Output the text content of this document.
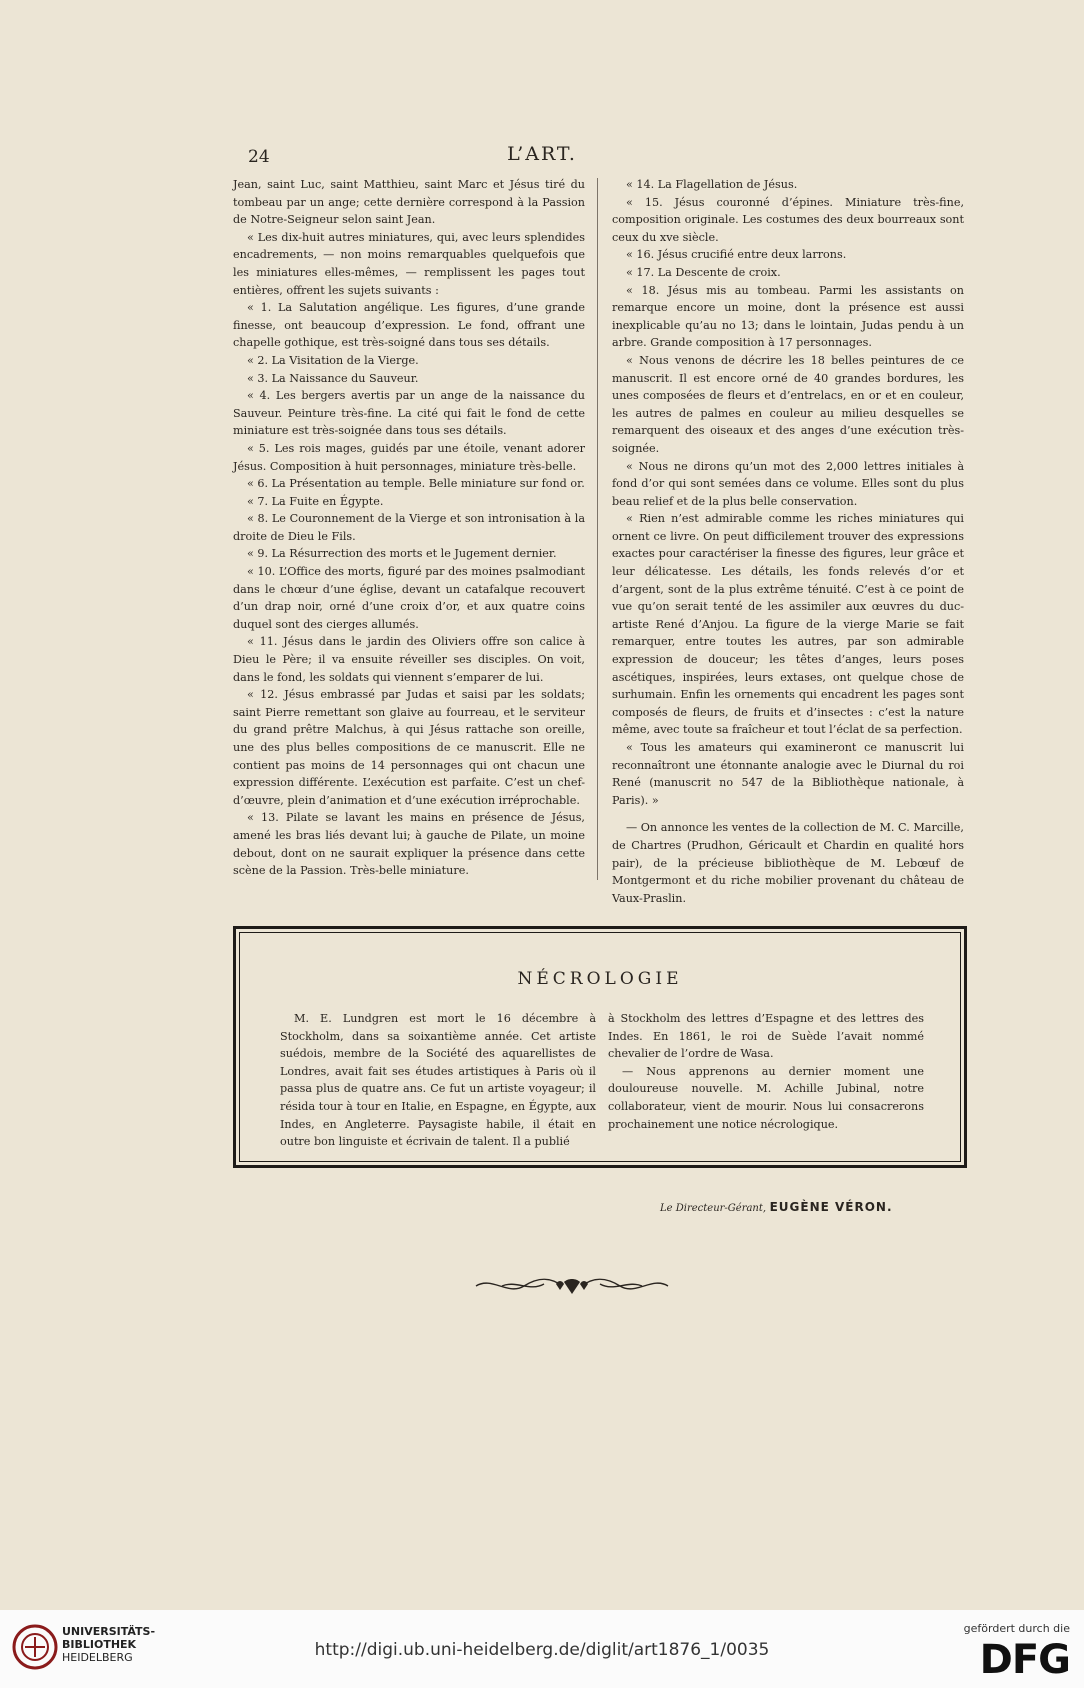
24	L’ART.

Jean, saint Luc, saint Matthieu, saint Marc et Jésus tiré du tombeau par un ange; cette dernière correspond à la Passion de Notre-Seigneur selon saint Jean.

« Les dix-huit autres miniatures, qui, avec leurs splendides encadrements, — non moins remarquables quelquefois que les miniatures elles-mêmes, — remplissent les pages tout entières, offrent les sujets suivants :

« 1. La Salutation angélique. Les figures, d’une grande finesse, ont beaucoup d’expression. Le fond, offrant une chapelle gothique, est très-soigné dans tous ses détails.

« 2. La Visitation de la Vierge.

« 3. La Naissance du Sauveur.

« 4. Les bergers avertis par un ange de la naissance du Sauveur. Peinture très-fine. La cité qui fait le fond de cette miniature est très-soignée dans tous ses détails.

« 5. Les rois mages, guidés par une étoile, venant adorer Jésus. Composition à huit personnages, miniature très-belle.

« 6. La Présentation au temple. Belle miniature sur fond or.

« 7. La Fuite en Égypte.

« 8. Le Couronnement de la Vierge et son intronisation à la droite de Dieu le Fils.

« 9. La Résurrection des morts et le Jugement dernier.

« 10. L’Office des morts, figuré par des moines psalmodiant dans le chœur d’une église, devant un catafalque recouvert d’un drap noir, orné d’une croix d’or, et aux quatre coins duquel sont des cierges allumés.

« 11. Jésus dans le jardin des Oliviers offre son calice à Dieu le Père; il va ensuite réveiller ses disciples. On voit, dans le fond, les soldats qui viennent s’emparer de lui.

« 12. Jésus embrassé par Judas et saisi par les soldats; saint Pierre remettant son glaive au fourreau, et le serviteur du grand prêtre Malchus, à qui Jésus rattache son oreille, une des plus belles compositions de ce manuscrit. Elle ne contient pas moins de 14 personnages qui ont chacun une expression différente. L’exécution est parfaite. C’est un chef-d’œuvre, plein d’animation et d’une exécution irréprochable.

« 13. Pilate se lavant les mains en présence de Jésus, amené les bras liés devant lui; à gauche de Pilate, un moine debout, dont on ne saurait expliquer la présence dans cette scène de la Passion. Très-belle miniature.

« 14. La Flagellation de Jésus.

« 15. Jésus couronné d’épines. Miniature très-fine, composition originale. Les costumes des deux bourreaux sont ceux du xve siècle.

« 16. Jésus crucifié entre deux larrons.

« 17. La Descente de croix.

« 18. Jésus mis au tombeau. Parmi les assistants on remarque encore un moine, dont la présence est aussi inexplicable qu’au no 13; dans le lointain, Judas pendu à un arbre. Grande composition à 17 personnages.

« Nous venons de décrire les 18 belles peintures de ce manuscrit. Il est encore orné de 40 grandes bordures, les unes composées de fleurs et d’entrelacs, en or et en couleur, les autres de palmes en couleur au milieu desquelles se remarquent des oiseaux et des anges d’une exécution très-soignée.

« Nous ne dirons qu’un mot des 2,000 lettres initiales à fond d’or qui sont semées dans ce volume. Elles sont du plus beau relief et de la plus belle conservation.

« Rien n’est admirable comme les riches miniatures qui ornent ce livre. On peut difficilement trouver des expressions exactes pour caractériser la finesse des figures, leur grâce et leur délicatesse. Les détails, les fonds relevés d’or et d’argent, sont de la plus extrême ténuité. C’est à ce point de vue qu’on serait tenté de les assimiler aux œuvres du duc-artiste René d’Anjou. La figure de la vierge Marie se fait remarquer, entre toutes les autres, par son admirable expression de douceur; les têtes d’anges, leurs poses ascétiques, inspirées, leurs extases, ont quelque chose de surhumain. Enfin les ornements qui encadrent les pages sont composés de fleurs, de fruits et d’insectes : c’est la nature même, avec toute sa fraîcheur et tout l’éclat de sa perfection.

« Tous les amateurs qui examineront ce manuscrit lui reconnaîtront une étonnante analogie avec le Diurnal du roi René (manuscrit no 547 de la Bibliothèque nationale, à Paris). »

— On annonce les ventes de la collection de M. C. Marcille, de Chartres (Prudhon, Géricault et Chardin en qualité hors pair), de la précieuse bibliothèque de M. Lebœuf de Montgermont et du riche mobilier provenant du château de Vaux-Praslin.

NÉCROLOGIE

M. E. Lundgren est mort le 16 décembre à Stockholm, dans sa soixantième année. Cet artiste suédois, membre de la Société des aquarellistes de Londres, avait fait ses études artistiques à Paris où il passa plus de quatre ans. Ce fut un artiste voyageur; il résida tour à tour en Italie, en Espagne, en Égypte, aux Indes, en Angleterre. Paysagiste habile, il était en outre bon linguiste et écrivain de talent. Il a publié

à Stockholm des lettres d’Espagne et des lettres des Indes. En 1861, le roi de Suède l’avait nommé chevalier de l’ordre de Wasa.

— Nous apprenons au dernier moment une douloureuse nouvelle. M. Achille Jubinal, notre collaborateur, vient de mourir. Nous lui consacrerons prochainement une notice nécrologique.

Le Directeur-Gérant, EUGÈNE VÉRON.
UNIVERSITÄTS-
BIBLIOTHEK
HEIDELBERG	http://digi.ub.uni-heidelberg.de/diglit/art1876_1/0035
gefördert durch die
DFG
